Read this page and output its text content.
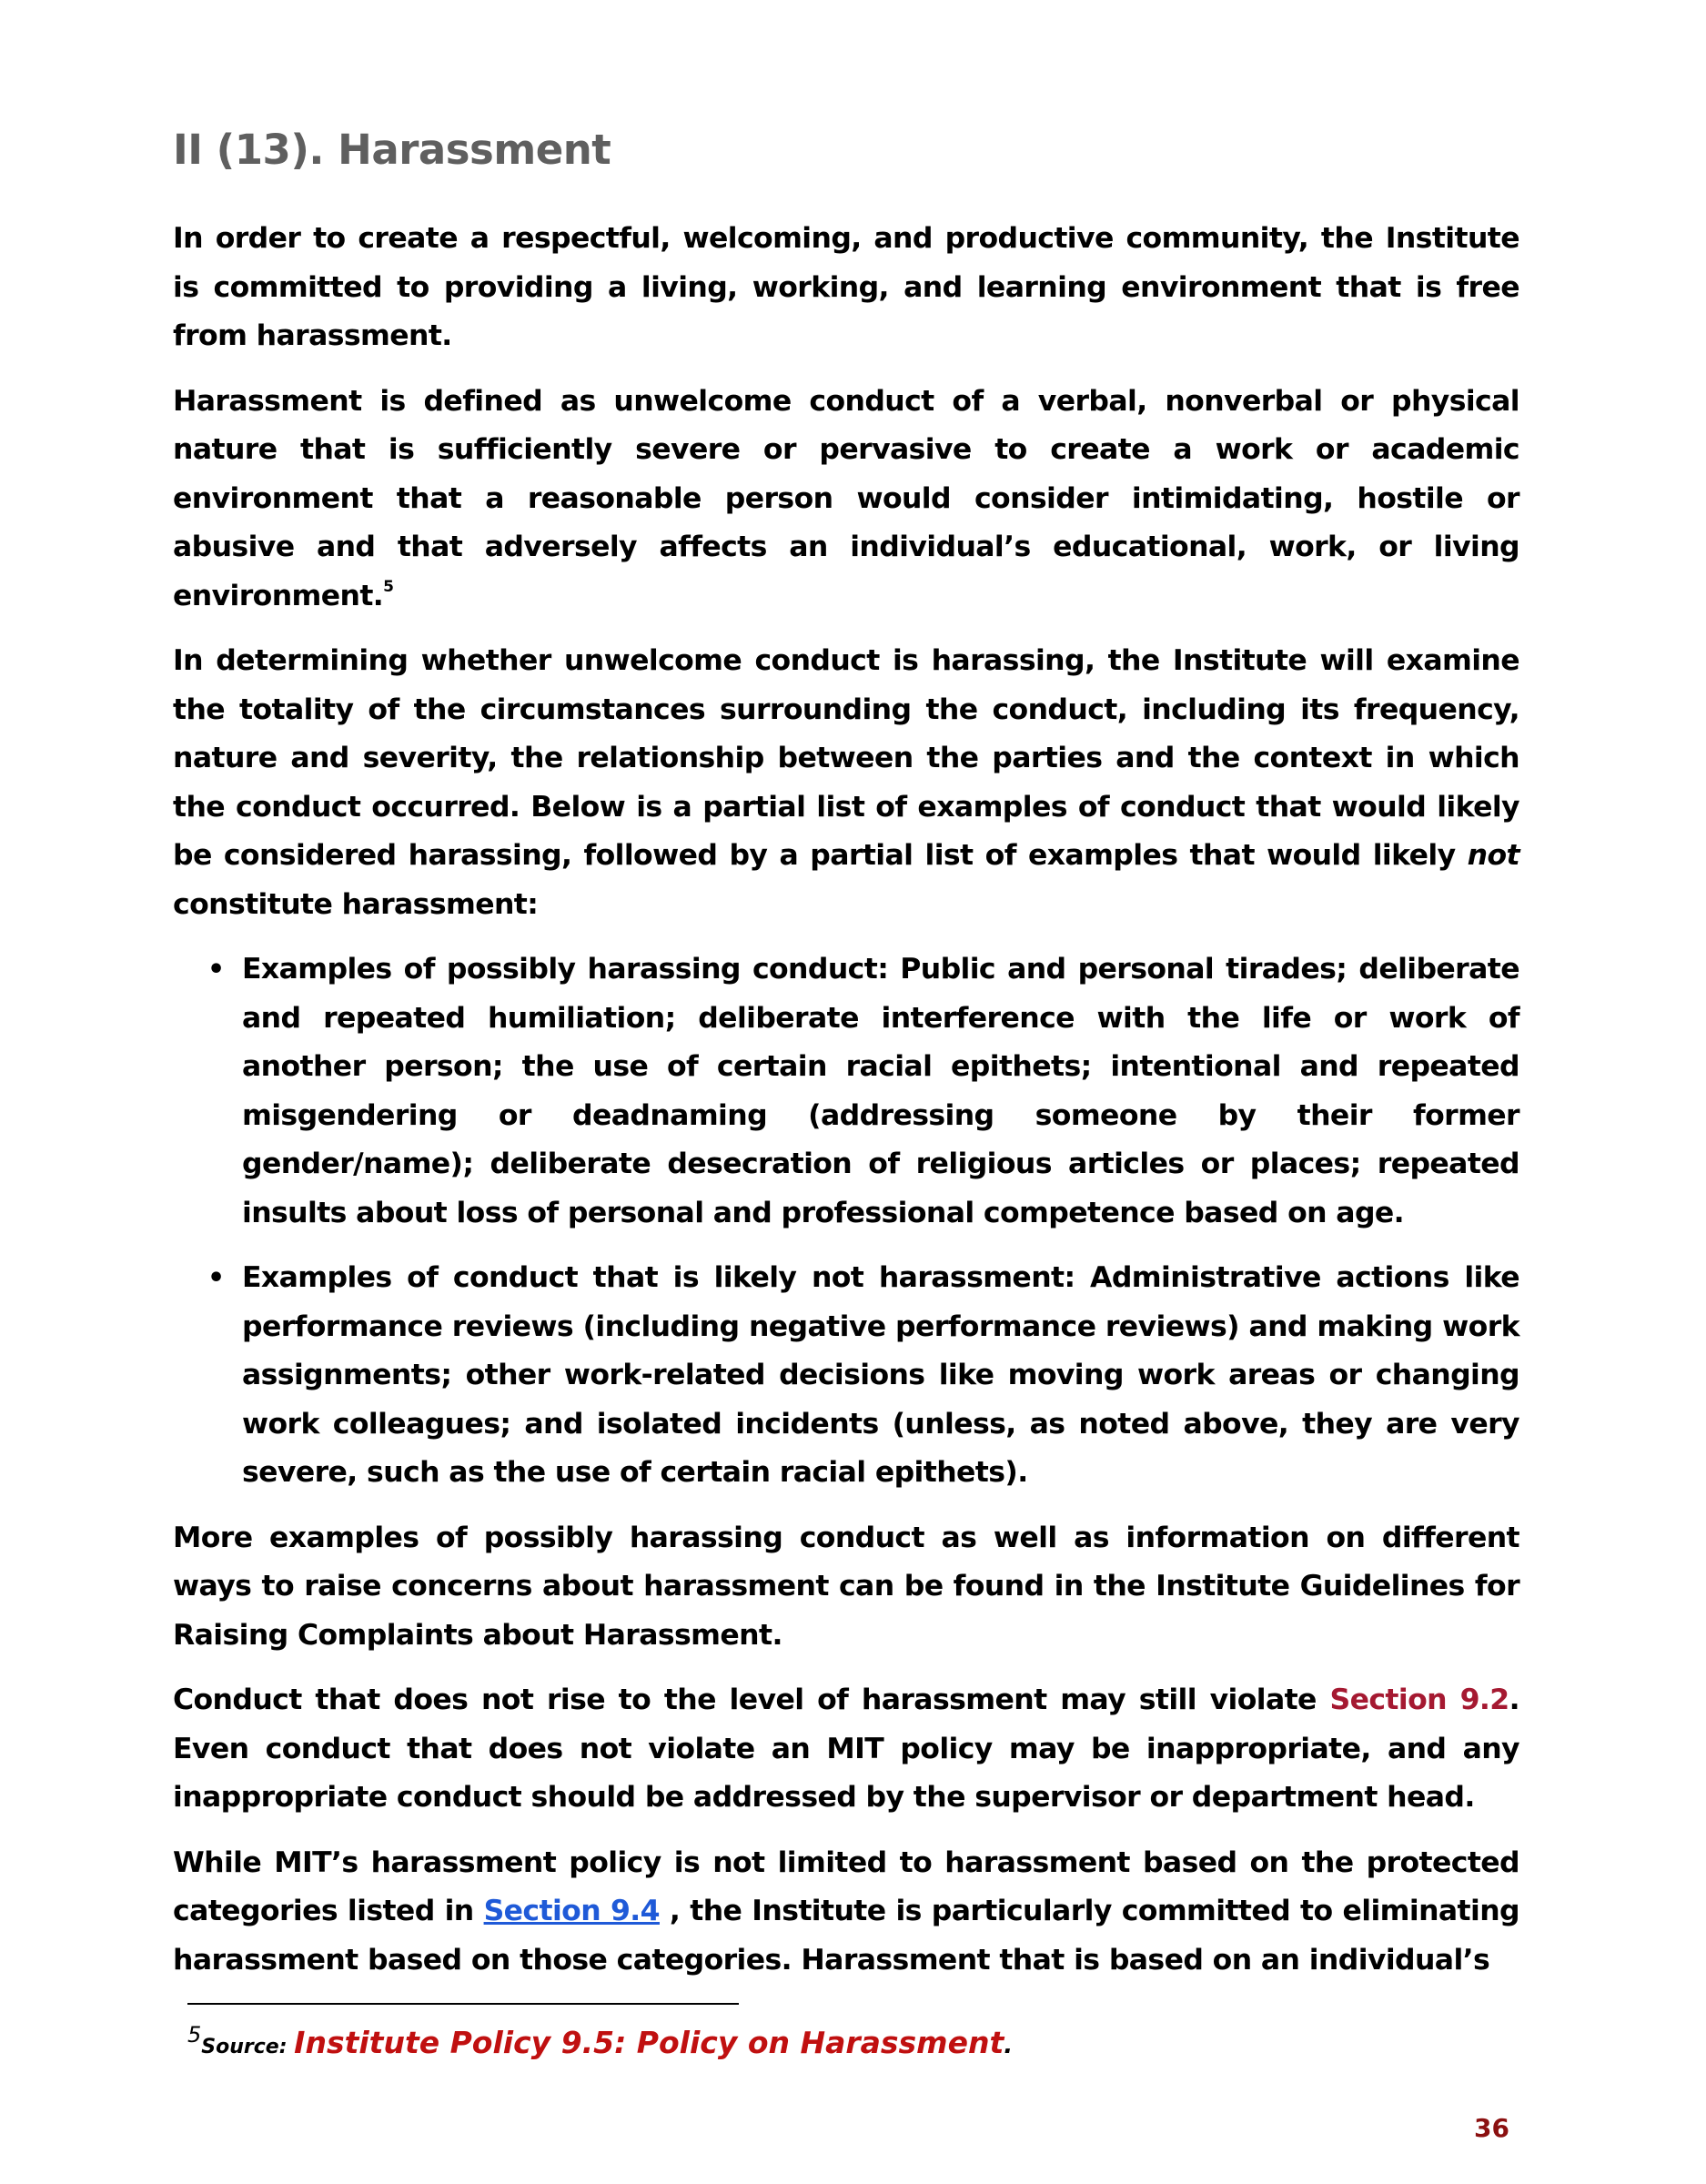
II (13). Harassment

In order to create a respectful, welcoming, and productive community, the Institute is committed to providing a living, working, and learning environment that is free from harassment.

Harassment is defined as unwelcome conduct of a verbal, nonverbal or physical nature that is sufficiently severe or pervasive to create a work or academic environment that a reasonable person would consider intimidating, hostile or abusive and that adversely affects an individual’s educational, work, or living environment.$^5$

In determining whether unwelcome conduct is harassing, the Institute will examine the totality of the circumstances surrounding the conduct, including its frequency, nature and severity, the relationship between the parties and the context in which the conduct occurred. Below is a partial list of examples of conduct that would likely be considered harassing, followed by a partial list of examples that would likely not constitute harassment:

• Examples of possibly harassing conduct: Public and personal tirades; deliberate and repeated humiliation; deliberate interference with the life or work of another person; the use of certain racial epithets; intentional and repeated misgendering or deadnaming (addressing someone by their former gender/name); deliberate desecration of religious articles or places; repeated insults about loss of personal and professional competence based on age.
• Examples of conduct that is likely not harassment: Administrative actions like performance reviews (including negative performance reviews) and making work assignments; other work-related decisions like moving work areas or changing work colleagues; and isolated incidents (unless, as noted above, they are very severe, such as the use of certain racial epithets).

More examples of possibly harassing conduct as well as information on different ways to raise concerns about harassment can be found in the Institute Guidelines for Raising Complaints about Harassment.

Conduct that does not rise to the level of harassment may still violate Section 9.2. Even conduct that does not violate an MIT policy may be inappropriate, and any inappropriate conduct should be addressed by the supervisor or department head.

While MIT’s harassment policy is not limited to harassment based on the protected categories listed in Section 9.4 , the Institute is particularly committed to eliminating harassment based on those categories. Harassment that is based on an individual’s

5Source: Institute Policy 9.5: Policy on Harassment.
36
